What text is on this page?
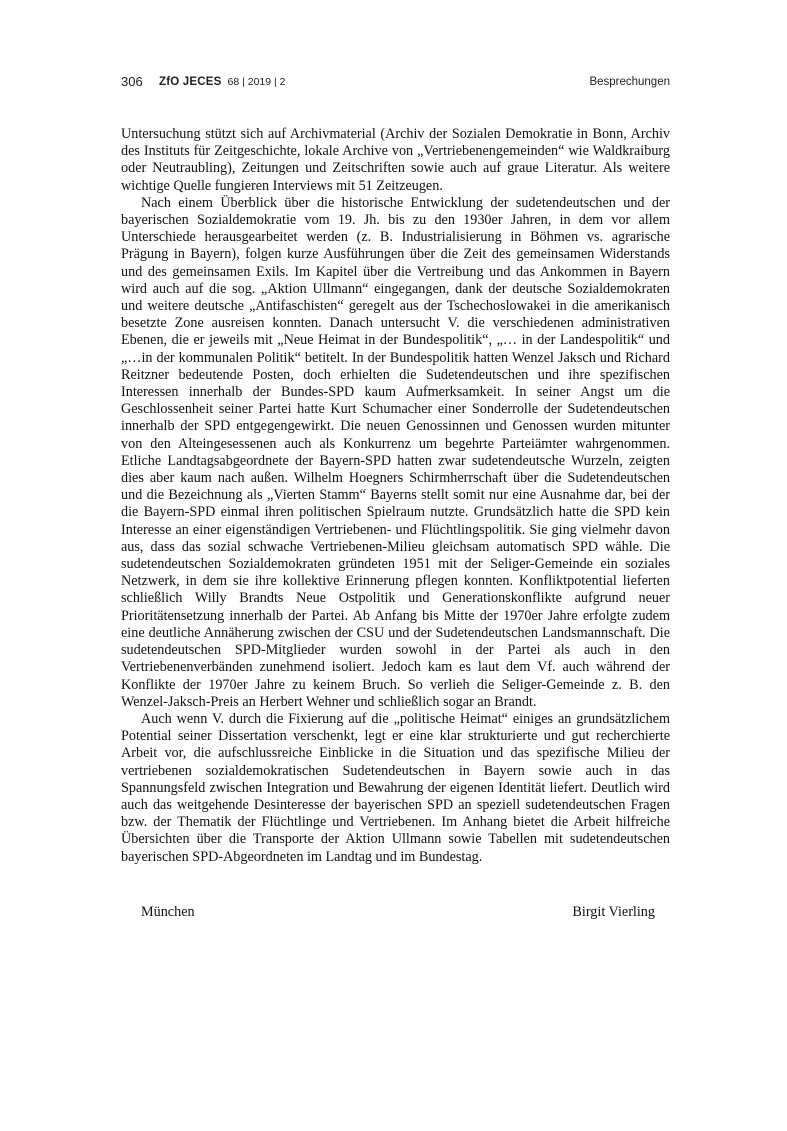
306 ZfO JECES 68 | 2019 | 2	Besprechungen

Untersuchung stützt sich auf Archivmaterial (Archiv der Sozialen Demokratie in Bonn, Archiv des Instituts für Zeitgeschichte, lokale Archive von „Vertriebenengemeinden“ wie Waldkraiburg oder Neutraubling), Zeitungen und Zeitschriften sowie auch auf graue Literatur. Als weitere wichtige Quelle fungieren Interviews mit 51 Zeitzeugen.

Nach einem Überblick über die historische Entwicklung der sudetendeutschen und der bayerischen Sozialdemokratie vom 19. Jh. bis zu den 1930er Jahren, in dem vor allem Unterschiede herausgearbeitet werden (z. B. Industrialisierung in Böhmen vs. agrarische Prägung in Bayern), folgen kurze Ausführungen über die Zeit des gemeinsamen Widerstands und des gemeinsamen Exils. Im Kapitel über die Vertreibung und das Ankommen in Bayern wird auch auf die sog. „Aktion Ullmann“ eingegangen, dank der deutsche Sozialdemokraten und weitere deutsche „Antifaschisten“ geregelt aus der Tschechoslowakei in die amerikanisch besetzte Zone ausreisen konnten. Danach untersucht V. die verschiedenen administrativen Ebenen, die er jeweils mit „Neue Heimat in der Bundespolitik“, „… in der Landespolitik“ und „…in der kommunalen Politik“ betitelt. In der Bundespolitik hatten Wenzel Jaksch und Richard Reitzner bedeutende Posten, doch erhielten die Sudetendeutschen und ihre spezifischen Interessen innerhalb der Bundes-SPD kaum Aufmerksamkeit. In seiner Angst um die Geschlossenheit seiner Partei hatte Kurt Schumacher einer Sonderrolle der Sudetendeutschen innerhalb der SPD entgegengewirkt. Die neuen Genossinnen und Genossen wurden mitunter von den Alteingesessenen auch als Konkurrenz um begehrte Parteiämter wahrgenommen. Etliche Landtagsabgeordnete der Bayern-SPD hatten zwar sudetendeutsche Wurzeln, zeigten dies aber kaum nach außen. Wilhelm Hoegners Schirmherrschaft über die Sudetendeutschen und die Bezeichnung als „Vierten Stamm“ Bayerns stellt somit nur eine Ausnahme dar, bei der die Bayern-SPD einmal ihren politischen Spielraum nutzte. Grundsätzlich hatte die SPD kein Interesse an einer eigenständigen Vertriebenen- und Flüchtlingspolitik. Sie ging vielmehr davon aus, dass das sozial schwache Vertriebenen-Milieu gleichsam automatisch SPD wähle. Die sudetendeutschen Sozialdemokraten gründeten 1951 mit der Seliger-Gemeinde ein soziales Netzwerk, in dem sie ihre kollektive Erinnerung pflegen konnten. Konfliktpotential lieferten schließlich Willy Brandts Neue Ostpolitik und Generationskonflikte aufgrund neuer Prioritätensetzung innerhalb der Partei. Ab Anfang bis Mitte der 1970er Jahre erfolgte zudem eine deutliche Annäherung zwischen der CSU und der Sudetendeutschen Landsmannschaft. Die sudetendeutschen SPD-Mitglieder wurden sowohl in der Partei als auch in den Vertriebenenverbänden zunehmend isoliert. Jedoch kam es laut dem Vf. auch während der Konflikte der 1970er Jahre zu keinem Bruch. So verlieh die Seliger-Gemeinde z. B. den Wenzel-Jaksch-Preis an Herbert Wehner und schließlich sogar an Brandt.

Auch wenn V. durch die Fixierung auf die „politische Heimat“ einiges an grundsätzlichem Potential seiner Dissertation verschenkt, legt er eine klar strukturierte und gut recherchierte Arbeit vor, die aufschlussreiche Einblicke in die Situation und das spezifische Milieu der vertriebenen sozialdemokratischen Sudetendeutschen in Bayern sowie auch in das Spannungsfeld zwischen Integration und Bewahrung der eigenen Identität liefert. Deutlich wird auch das weitgehende Desinteresse der bayerischen SPD an speziell sudetendeutschen Fragen bzw. der Thematik der Flüchtlinge und Vertriebenen. Im Anhang bietet die Arbeit hilfreiche Übersichten über die Transporte der Aktion Ullmann sowie Tabellen mit sudetendeutschen bayerischen SPD-Abgeordneten im Landtag und im Bundestag.

München	Birgit Vierling
